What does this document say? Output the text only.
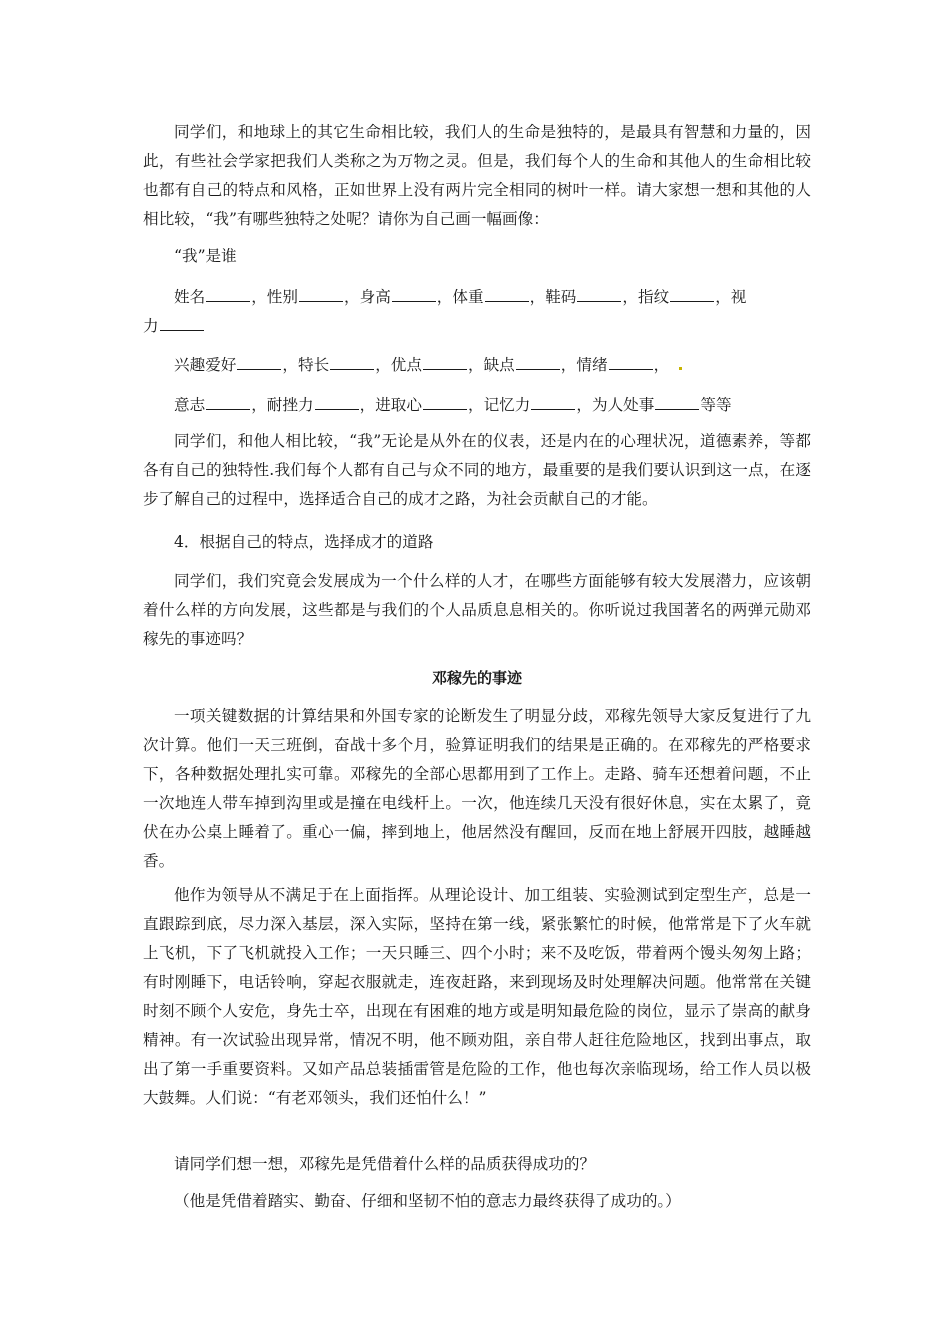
同学们，和地球上的其它生命相比较，我们人的生命是独特的，是最具有智慧和力量的，因此，有些社会学家把我们人类称之为万物之灵。但是，我们每个人的生命和其他人的生命相比较也都有自己的特点和风格，正如世界上没有两片完全相同的树叶一样。请大家想一想和其他的人相比较，“我”有哪些独特之处呢？请你为自己画一幅画像：

“我”是谁

姓名	，性别	，身高	，体重	，鞋码	，指纹	，视

力

兴趣爱好	，特长	，优点	，缺点	，情绪	，

意志	，耐挫力	，进取心	，记忆力	，为人处事	等等

同学们，和他人相比较，“我”无论是从外在的仪表，还是内在的心理状况，道德素养，等都各有自己的独特性.我们每个人都有自己与众不同的地方，最重要的是我们要认识到这一点，在逐步了解自己的过程中，选择适合自己的成才之路，为社会贡献自己的才能。

4．根据自己的特点，选择成才的道路

同学们，我们究竟会发展成为一个什么样的人才，在哪些方面能够有较大发展潜力，应该朝着什么样的方向发展，这些都是与我们的个人品质息息相关的。你听说过我国著名的两弹元勋邓稼先的事迹吗？

邓稼先的事迹

一项关键数据的计算结果和外国专家的论断发生了明显分歧，邓稼先领导大家反复进行了九次计算。他们一天三班倒，奋战十多个月，验算证明我们的结果是正确的。在邓稼先的严格要求下，各种数据处理扎实可靠。邓稼先的全部心思都用到了工作上。走路、骑车还想着问题，不止一次地连人带车掉到沟里或是撞在电线杆上。一次，他连续几天没有很好休息，实在太累了，竟伏在办公桌上睡着了。重心一偏，摔到地上，他居然没有醒回，反而在地上舒展开四肢，越睡越香。

他作为领导从不满足于在上面指挥。从理论设计、加工组装、实验测试到定型生产，总是一直跟踪到底，尽力深入基层，深入实际，坚持在第一线，紧张繁忙的时候，他常常是下了火车就上飞机，下了飞机就投入工作；一天只睡三、四个小时；来不及吃饭，带着两个馒头匆匆上路；有时刚睡下，电话铃响，穿起衣服就走，连夜赶路，来到现场及时处理解决问题。他常常在关键时刻不顾个人安危，身先士卒，出现在有困难的地方或是明知最危险的岗位，显示了崇高的献身精神。有一次试验出现异常，情况不明，他不顾劝阻，亲自带人赶往危险地区，找到出事点，取出了第一手重要资料。又如产品总装插雷管是危险的工作，他也每次亲临现场，给工作人员以极大鼓舞。人们说：“有老邓领头，我们还怕什么！”

请同学们想一想，邓稼先是凭借着什么样的品质获得成功的？

（他是凭借着踏实、勤奋、仔细和坚韧不怕的意志力最终获得了成功的。）
